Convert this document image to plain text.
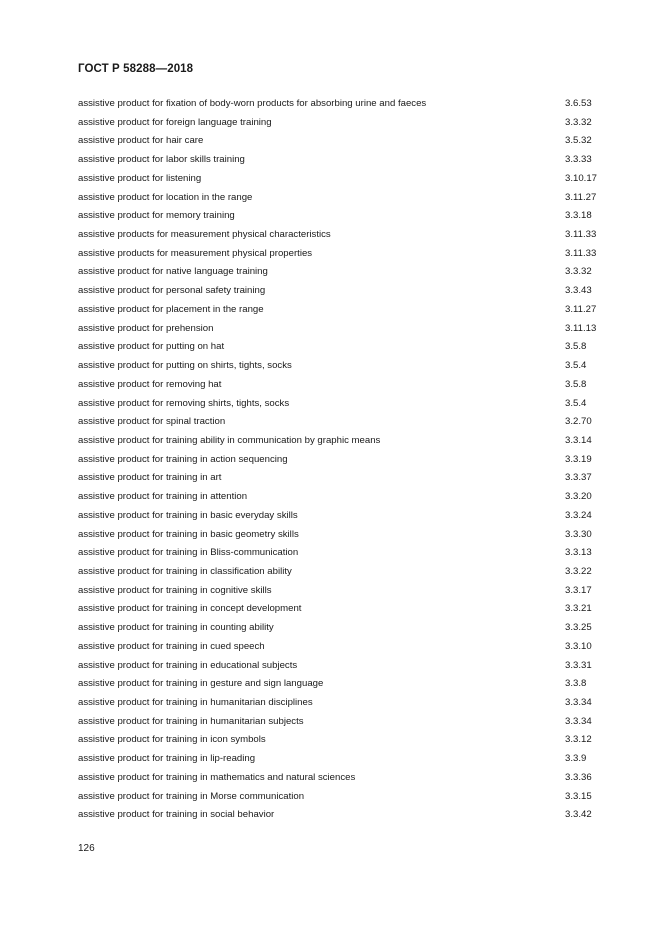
ГОСТ Р 58288—2018
assistive product for fixation of body-worn products for absorbing urine and faeces	3.6.53
assistive product for foreign language training	3.3.32
assistive product for hair care	3.5.32
assistive product for labor skills training	3.3.33
assistive product for listening	3.10.17
assistive product for location in the range	3.11.27
assistive product for memory training	3.3.18
assistive products for measurement physical characteristics	3.11.33
assistive products for measurement physical properties	3.11.33
assistive product for native language training	3.3.32
assistive product for personal safety training	3.3.43
assistive product for placement in the range	3.11.27
assistive product for prehension	3.11.13
assistive product for putting on hat	3.5.8
assistive product for putting on shirts, tights, socks	3.5.4
assistive product for removing hat	3.5.8
assistive product for removing shirts, tights, socks	3.5.4
assistive product for spinal traction	3.2.70
assistive product for training ability in communication by graphic means	3.3.14
assistive product for training in action sequencing	3.3.19
assistive product for training in art	3.3.37
assistive product for training in attention	3.3.20
assistive product for training in basic everyday skills	3.3.24
assistive product for training in basic geometry skills	3.3.30
assistive product for training in Bliss-communication	3.3.13
assistive product for training in classification ability	3.3.22
assistive product for training in cognitive skills	3.3.17
assistive product for training in concept development	3.3.21
assistive product for training in counting ability	3.3.25
assistive product for training in cued speech	3.3.10
assistive product for training in educational subjects	3.3.31
assistive product for training in gesture and sign language	3.3.8
assistive product for training in humanitarian disciplines	3.3.34
assistive product for training in humanitarian subjects	3.3.34
assistive product for training in icon symbols	3.3.12
assistive product for training in lip-reading	3.3.9
assistive product for training in mathematics and natural sciences	3.3.36
assistive product for training in Morse communication	3.3.15
assistive product for training in social behavior	3.3.42
126
